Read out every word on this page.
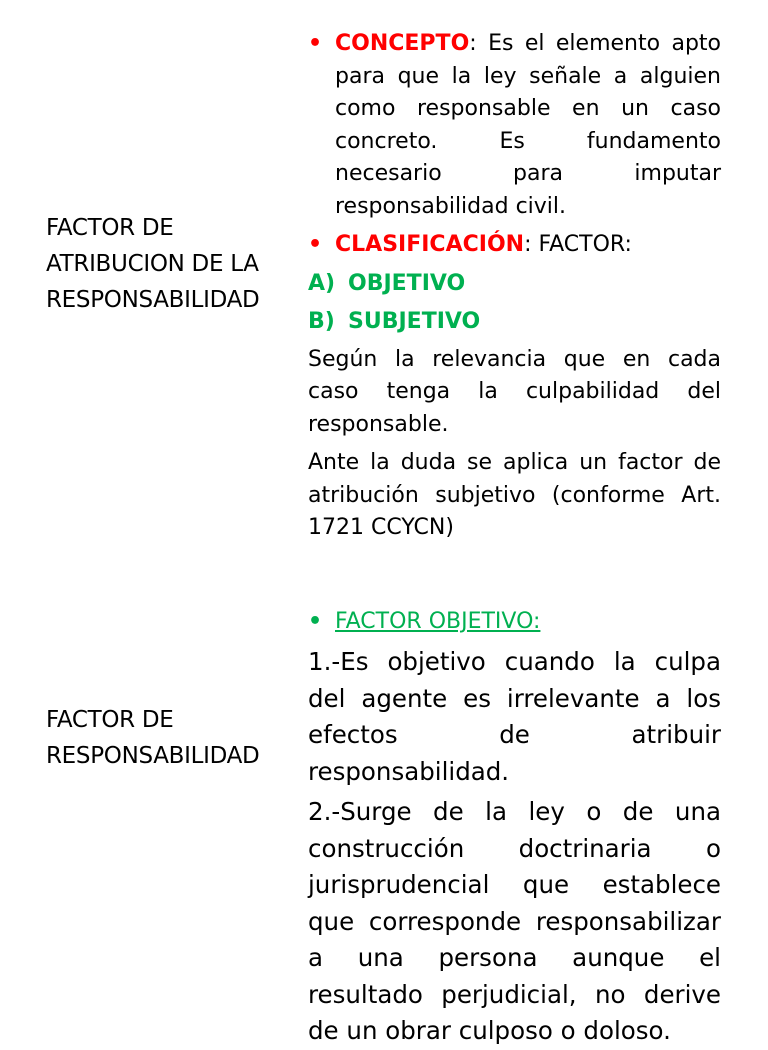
FACTOR DE
ATRIBUCION DE LA
RESPONSABILIDAD
• CONCEPTO: Es el elemento apto para que la ley señale a alguien como responsable en un caso concreto. Es fundamento necesario para imputar responsabilidad civil.
• CLASIFICACIÓN: FACTOR:
A) OBJETIVO
B) SUBJETIVO
Según la relevancia que en cada caso tenga la culpabilidad del responsable.
Ante la duda se aplica un factor de atribución subjetivo (conforme Art. 1721 CCYCN)
FACTOR DE
RESPONSABILIDAD
• FACTOR OBJETIVO:
1.-Es objetivo cuando la culpa del agente es irrelevante a los efectos de atribuir responsabilidad.
2.-Surge de la ley o de una construcción doctrinaria o jurisprudencial que establece que corresponde responsabilizar a una persona aunque el resultado perjudicial, no derive de un obrar culposo o doloso.
